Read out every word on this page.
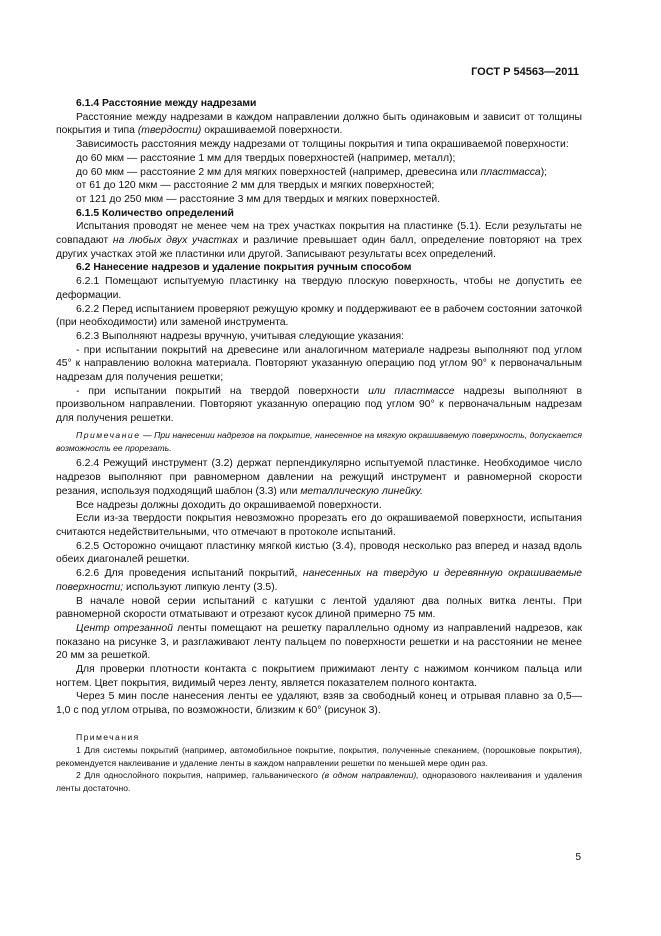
ГОСТ Р 54563—2011

6.1.4 Расстояние между надрезами

Расстояние между надрезами в каждом направлении должно быть одинаковым и зависит от толщины покрытия и типа (твердости) окрашиваемой поверхности.

Зависимость расстояния между надрезами от толщины покрытия и типа окрашиваемой поверхности:

до 60 мкм — расстояние 1 мм для твердых поверхностей (например, металл);

до 60 мкм — расстояние 2 мм для мягких поверхностей (например, древесина или пластмасса);

от 61 до 120 мкм — расстояние 2 мм для твердых и мягких поверхностей;

от 121 до 250 мкм — расстояние 3 мм для твердых и мягких поверхностей.

6.1.5 Количество определений

Испытания проводят не менее чем на трех участках покрытия на пластинке (5.1). Если результаты не совпадают на любых двух участках и различие превышает один балл, определение повторяют на трех других участках этой же пластинки или другой. Записывают результаты всех определений.

6.2 Нанесение надрезов и удаление покрытия ручным способом

6.2.1 Помещают испытуемую пластинку на твердую плоскую поверхность, чтобы не допустить ее деформации.

6.2.2 Перед испытанием проверяют режущую кромку и поддерживают ее в рабочем состоянии заточкой (при необходимости) или заменой инструмента.

6.2.3 Выполняют надрезы вручную, учитывая следующие указания:

- при испытании покрытий на древесине или аналогичном материале надрезы выполняют под углом 45° к направлению волокна материала. Повторяют указанную операцию под углом 90° к первоначальным надрезам для получения решетки;

- при испытании покрытий на твердой поверхности или пластмассе надрезы выполняют в произвольном направлении. Повторяют указанную операцию под углом 90° к первоначальным надрезам для получения решетки.

Примечание — При нанесении надрезов на покрытие, нанесенное на мягкую окрашиваемую поверхность, допускается возможность ее прорезать.

6.2.4 Режущий инструмент (3.2) держат перпендикулярно испытуемой пластинке. Необходимое число надрезов выполняют при равномерном давлении на режущий инструмент и равномерной скорости резания, используя подходящий шаблон (3.3) или металлическую линейку.

Все надрезы должны доходить до окрашиваемой поверхности.

Если из-за твердости покрытия невозможно прорезать его до окрашиваемой поверхности, испытания считаются недействительными, что отмечают в протоколе испытаний.

6.2.5 Осторожно очищают пластинку мягкой кистью (3.4), проводя несколько раз вперед и назад вдоль обеих диагоналей решетки.

6.2.6 Для проведения испытаний покрытий, нанесенных на твердую и деревянную окрашиваемые поверхности; используют липкую ленту (3.5).

В начале новой серии испытаний с катушки с лентой удаляют два полных витка ленты. При равномерной скорости отматывают и отрезают кусок длиной примерно 75 мм.

Центр отрезанной ленты помещают на решетку параллельно одному из направлений надрезов, как показано на рисунке 3, и разглаживают ленту пальцем по поверхности решетки и на расстоянии не менее 20 мм за решеткой.

Для проверки плотности контакта с покрытием прижимают ленту с нажимом кончиком пальца или ногтем. Цвет покрытия, видимый через ленту, является показателем полного контакта.

Через 5 мин после нанесения ленты ее удаляют, взяв за свободный конец и отрывая плавно за 0,5—1,0 с под углом отрыва, по возможности, близким к 60° (рисунок 3).

Примечания

1 Для системы покрытий (например, автомобильное покрытие, покрытия, полученные спеканием, (порошковые покрытия), рекомендуется наклеивание и удаление ленты в каждом направлении решетки по меньшей мере один раз.

2 Для однослойного покрытия, например, гальванического (в одном направлении), одноразового наклеивания и удаления ленты достаточно.

5
